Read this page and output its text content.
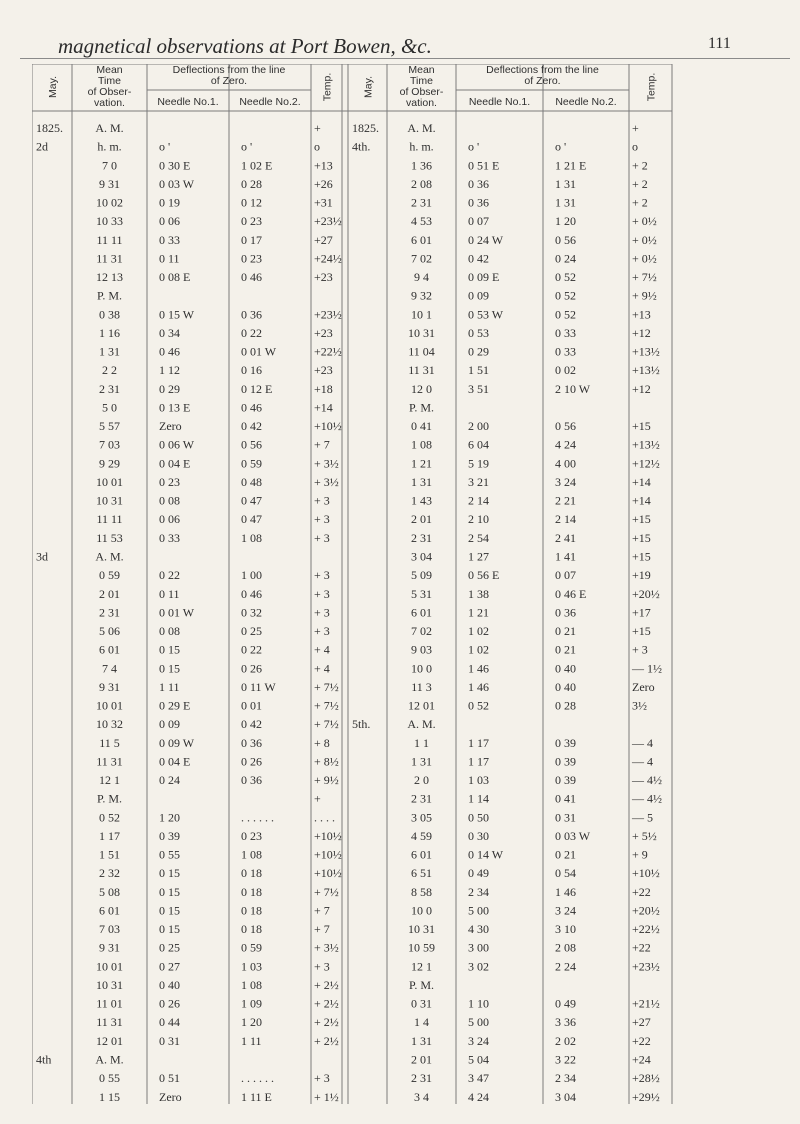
magnetical observations at Port Bowen, &c.	111
May.
Mean
Time
of Obser-
vation.
Deflections from the line
of Zero.
Needle No.1. Needle No.2.
Temp.	May.
Mean
Time
of Obser-
vation.
Deflections from the line
of Zero.
Needle No.1. Needle No.2.
Temp.
1825.	A. M.	+
2d	h. m.	o '	o '	o
7 0	0 30 E	1 02 E	+13
9 31	0 03 W	0 28	+26
10 02	0 19	0 12	+31
10 33	0 06	0 23	+23½
11 11	0 33	0 17	+27
11 31	0 11	0 23	+24½
12 13	0 08 E	0 46	+23
P. M.
0 38	0 15 W	0 36	+23½
1 16	0 34	0 22	+23
1 31	0 46	0 01 W	+22½
2 2	1 12	0 16	+23
2 31	0 29	0 12 E	+18
5 0	0 13 E	0 46	+14
5 57	Zero	0 42	+10½
7 03	0 06 W	0 56	+ 7
9 29	0 04 E	0 59	+ 3½
10 01	0 23	0 48	+ 3½
10 31	0 08	0 47	+ 3
11 11	0 06	0 47	+ 3
11 53	0 33	1 08	+ 3
3d	A. M.
0 59	0 22	1 00	+ 3
2 01	0 11	0 46	+ 3
2 31	0 01 W	0 32	+ 3
5 06	0 08	0 25	+ 3
6 01	0 15	0 22	+ 4
7 4	0 15	0 26	+ 4
9 31	1 11	0 11 W	+ 7½
10 01	0 29 E	0 01	+ 7½
10 32	0 09	0 42	+ 7½
11 5	0 09 W	0 36	+ 8
11 31	0 04 E	0 26	+ 8½
12 1	0 24	0 36	+ 9½
P. M.	+
0 52	1 20	. . . . . .	. . . .
1 17	0 39	0 23	+10½
1 51	0 55	1 08	+10½
2 32	0 15	0 18	+10½
5 08	0 15	0 18	+ 7½
6 01	0 15	0 18	+ 7
7 03	0 15	0 18	+ 7
9 31	0 25	0 59	+ 3½
10 01	0 27	1 03	+ 3
10 31	0 40	1 08	+ 2½
11 01	0 26	1 09	+ 2½
11 31	0 44	1 20	+ 2½
12 01	0 31	1 11	+ 2½
4th	A. M.
0 55	0 51	. . . . . .	+ 3
1 15	Zero	1 11 E	+ 1½
1825. A. M.	+
4th.	h. m.	o '	o '	o
1 36	0 51 E	1 21 E	+ 2
2 08	0 36	1 31	+ 2
2 31	0 36	1 31	+ 2
4 53	0 07	1 20	+ 0½
6 01	0 24 W	0 56	+ 0½
7 02	0 42	0 24	+ 0½
9 4	0 09 E	0 52	+ 7½
9 32	0 09	0 52	+ 9½
10 1	0 53 W	0 52	+13
10 31	0 53	0 33	+12
11 04	0 29	0 33	+13½
11 31	1 51	0 02	+13½
12 0	3 51	2 10 W	+12
P. M.
0 41	2 00	0 56	+15
1 08	6 04	4 24	+13½
1 21	5 19	4 00	+12½
1 31	3 21	3 24	+14
1 43	2 14	2 21	+14
2 01	2 10	2 14	+15
2 31	2 54	2 41	+15
3 04	1 27	1 41	+15
5 09	0 56 E	0 07	+19
5 31	1 38	0 46 E	+20½
6 01	1 21	0 36	+17
7 02	1 02	0 21	+15
9 03	1 02	0 21	+ 3
10 0	1 46	0 40	— 1½
11 3	1 46	0 40	Zero
12 01	0 52	0 28	3½
5th.	A. M.
1 1	1 17	0 39	— 4
1 31	1 17	0 39	— 4
2 0	1 03	0 39	— 4½
2 31	1 14	0 41	— 4½
3 05	0 50	0 31	— 5
4 59	0 30	0 03 W	+ 5½
6 01	0 14 W	0 21	+ 9
6 51	0 49	0 54	+10½
8 58	2 34	1 46	+22
10 0	5 00	3 24	+20½
10 31	4 30	3 10	+22½
10 59	3 00	2 08	+22
12 1	3 02	2 24	+23½
P. M.
0 31	1 10	0 49	+21½
1 4	5 00	3 36	+27
1 31	3 24	2 02	+22
2 01	5 04	3 22	+24
2 31	3 47	2 34	+28½
3 4	4 24	3 04	+29½
